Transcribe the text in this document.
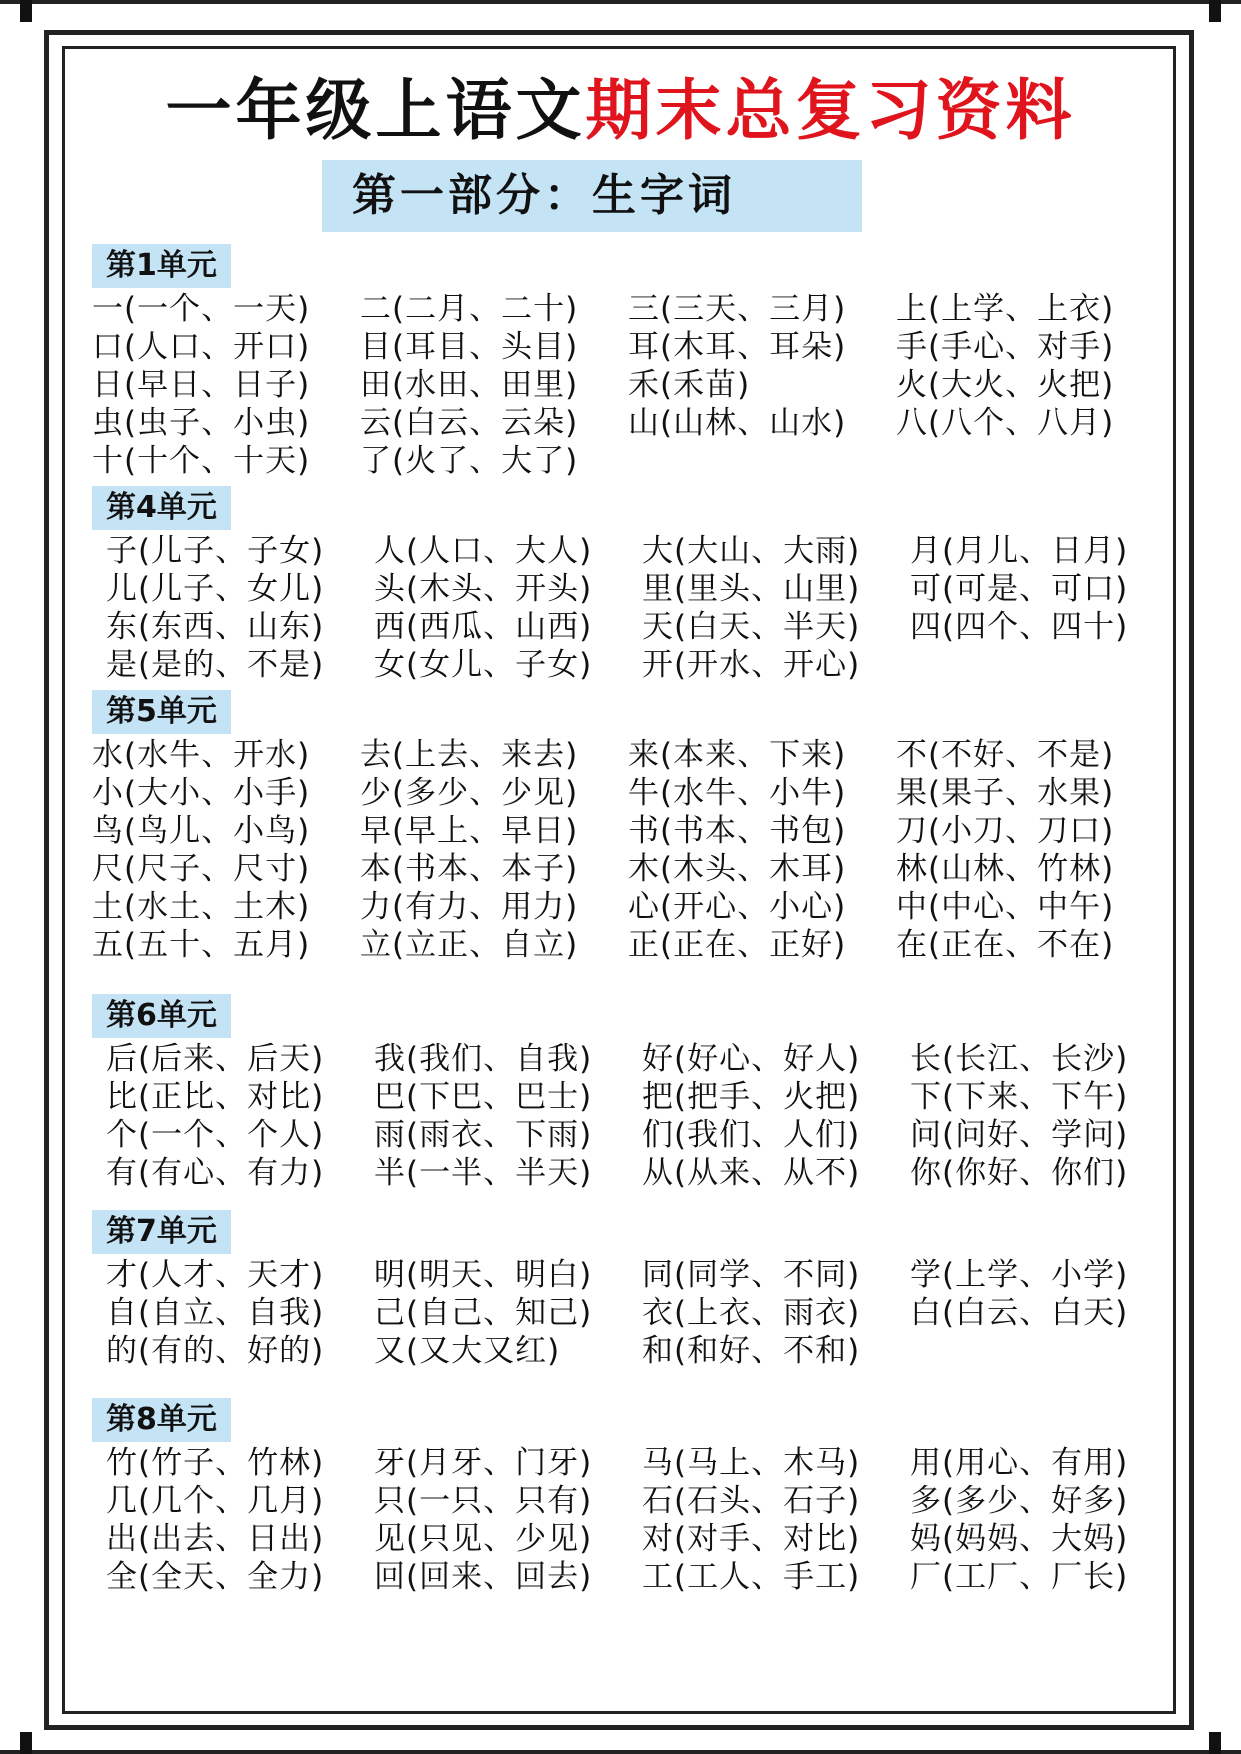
一年级上语文期末总复习资料
第一部分：生字词
第1单元
一(一个、一天)	二(二月、二十)	三(三天、三月)	上(上学、上衣)
口(人口、开口)	目(耳目、头目)	耳(木耳、耳朵)	手(手心、对手)
日(早日、日子)	田(水田、田里)	禾(禾苗)	火(大火、火把)
虫(虫子、小虫)	云(白云、云朵)	山(山林、山水)	八(八个、八月)
十(十个、十天)	了(火了、大了)
第4单元
子(儿子、子女)	人(人口、大人)	大(大山、大雨)	月(月儿、日月)
儿(儿子、女儿)	头(木头、开头)	里(里头、山里)	可(可是、可口)
东(东西、山东)	西(西瓜、山西)	天(白天、半天)	四(四个、四十)
是(是的、不是)	女(女儿、子女)	开(开水、开心)
第5单元
水(水牛、开水)	去(上去、来去)	来(本来、下来)	不(不好、不是)
小(大小、小手)	少(多少、少见)	牛(水牛、小牛)	果(果子、水果)
鸟(鸟儿、小鸟)	早(早上、早日)	书(书本、书包)	刀(小刀、刀口)
尺(尺子、尺寸)	本(书本、本子)	木(木头、木耳)	林(山林、竹林)
土(水土、土木)	力(有力、用力)	心(开心、小心)	中(中心、中午)
五(五十、五月)	立(立正、自立)	正(正在、正好)	在(正在、不在)
第6单元
后(后来、后天)	我(我们、自我)	好(好心、好人)	长(长江、长沙)
比(正比、对比)	巴(下巴、巴士)	把(把手、火把)	下(下来、下午)
个(一个、个人)	雨(雨衣、下雨)	们(我们、人们)	问(问好、学问)
有(有心、有力)	半(一半、半天)	从(从来、从不)	你(你好、你们)
第7单元
才(人才、天才)	明(明天、明白)	同(同学、不同)	学(上学、小学)
自(自立、自我)	己(自己、知己)	衣(上衣、雨衣)	白(白云、白天)
的(有的、好的)	又(又大又红)	和(和好、不和)
第8单元
竹(竹子、竹林)	牙(月牙、门牙)	马(马上、木马)	用(用心、有用)
几(几个、几月)	只(一只、只有)	石(石头、石子)	多(多少、好多)
出(出去、日出)	见(只见、少见)	对(对手、对比)	妈(妈妈、大妈)
全(全天、全力)	回(回来、回去)	工(工人、手工)	厂(工厂、厂长)
